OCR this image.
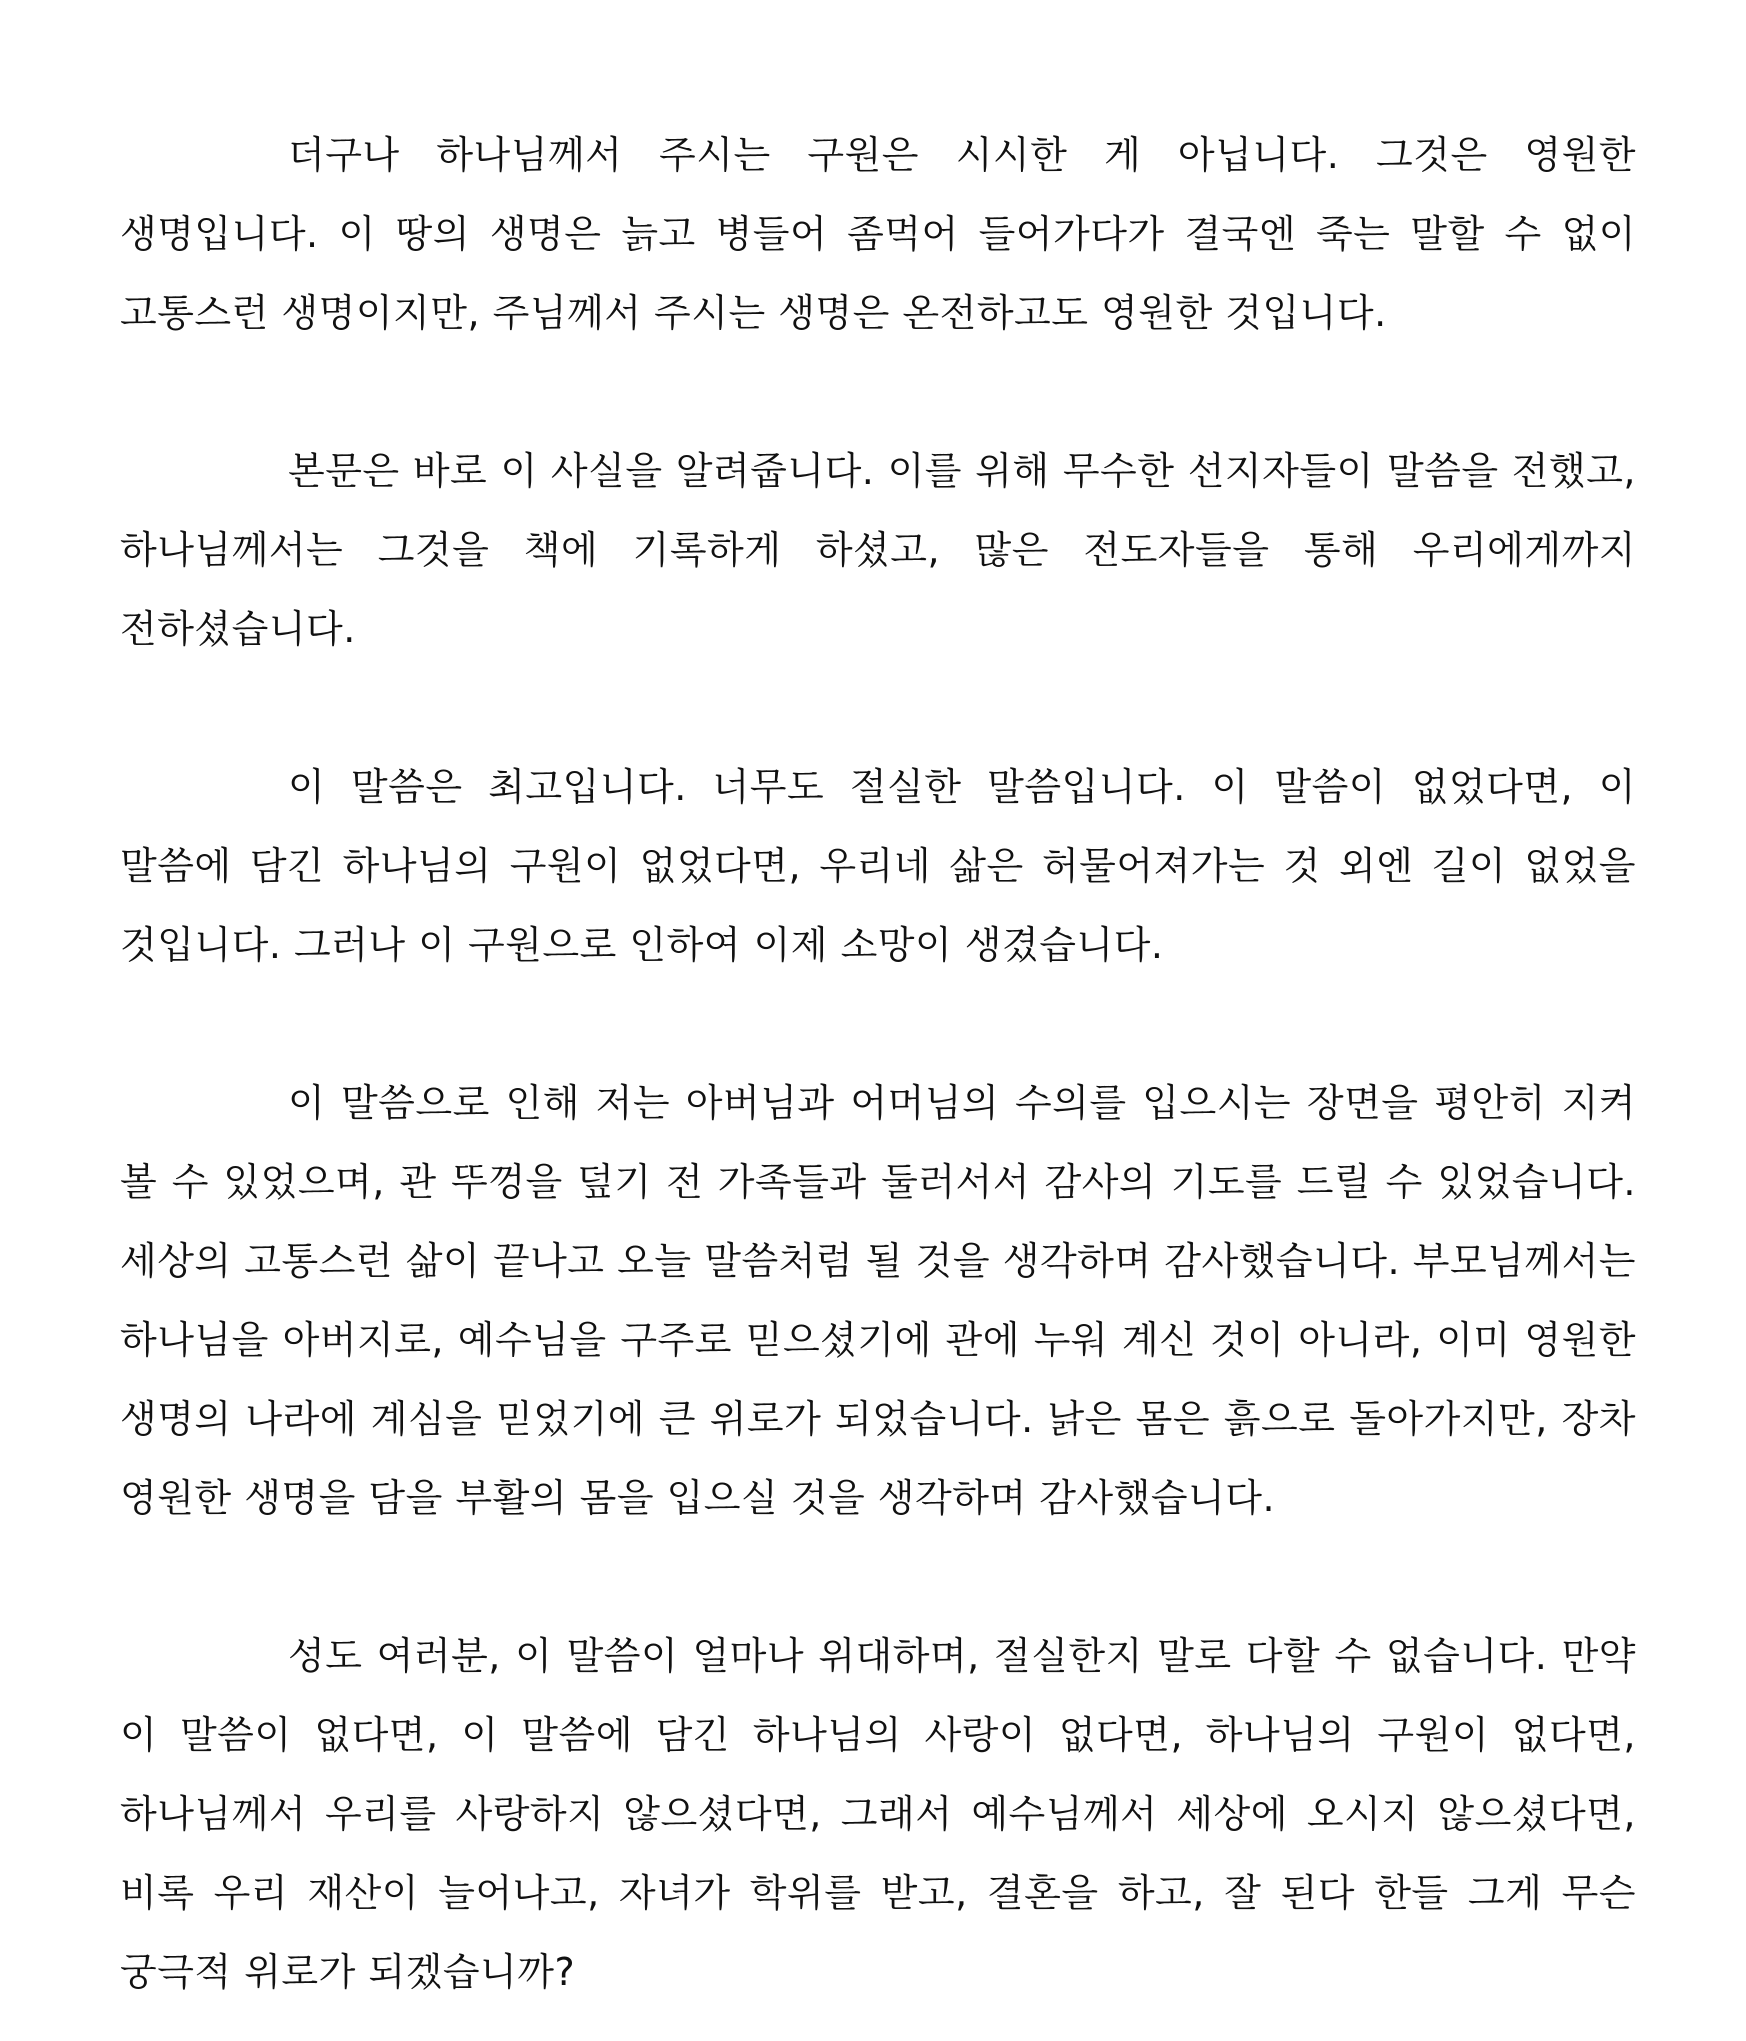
더구나 하나님께서 주시는 구원은 시시한 게 아닙니다. 그것은 영원한 생명입니다. 이 땅의 생명은 늙고 병들어 좀먹어 들어가다가 결국엔 죽는 말할 수 없이 고통스런 생명이지만, 주님께서 주시는 생명은 온전하고도 영원한 것입니다.

본문은 바로 이 사실을 알려줍니다. 이를 위해 무수한 선지자들이 말씀을 전했고, 하나님께서는 그것을 책에 기록하게 하셨고, 많은 전도자들을 통해 우리에게까지 전하셨습니다.

이 말씀은 최고입니다. 너무도 절실한 말씀입니다. 이 말씀이 없었다면, 이 말씀에 담긴 하나님의 구원이 없었다면, 우리네 삶은 허물어져가는 것 외엔 길이 없었을 것입니다. 그러나 이 구원으로 인하여 이제 소망이 생겼습니다.

이 말씀으로 인해 저는 아버님과 어머님의 수의를 입으시는 장면을 평안히 지켜 볼 수 있었으며, 관 뚜껑을 덮기 전 가족들과 둘러서서 감사의 기도를 드릴 수 있었습니다. 세상의 고통스런 삶이 끝나고 오늘 말씀처럼 될 것을 생각하며 감사했습니다. 부모님께서는 하나님을 아버지로, 예수님을 구주로 믿으셨기에 관에 누워 계신 것이 아니라, 이미 영원한 생명의 나라에 계심을 믿었기에 큰 위로가 되었습니다. 낡은 몸은 흙으로 돌아가지만, 장차 영원한 생명을 담을 부활의 몸을 입으실 것을 생각하며 감사했습니다.

성도 여러분, 이 말씀이 얼마나 위대하며, 절실한지 말로 다할 수 없습니다. 만약 이 말씀이 없다면, 이 말씀에 담긴 하나님의 사랑이 없다면, 하나님의 구원이 없다면, 하나님께서 우리를 사랑하지 않으셨다면, 그래서 예수님께서 세상에 오시지 않으셨다면, 비록 우리 재산이 늘어나고, 자녀가 학위를 받고, 결혼을 하고, 잘 된다 한들 그게 무슨 궁극적 위로가 되겠습니까?
